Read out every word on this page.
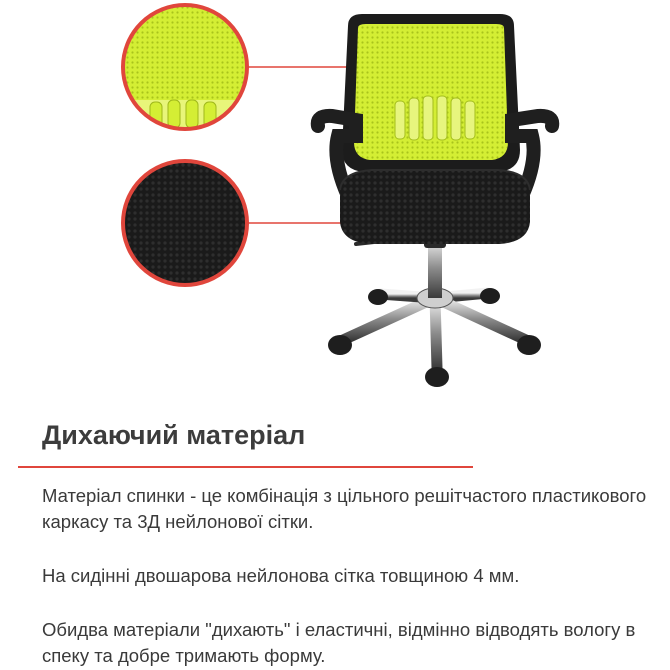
Дихаючий матеріал

Матеріал спинки - це комбінація з цільного решітчастого пластикового каркасу та 3Д нейлонової сітки.

На сидінні двошарова нейлонова сітка товщиною 4 мм.

Обидва матеріали "дихають" і еластичні, відмінно відводять вологу в спеку та добре тримають форму.
